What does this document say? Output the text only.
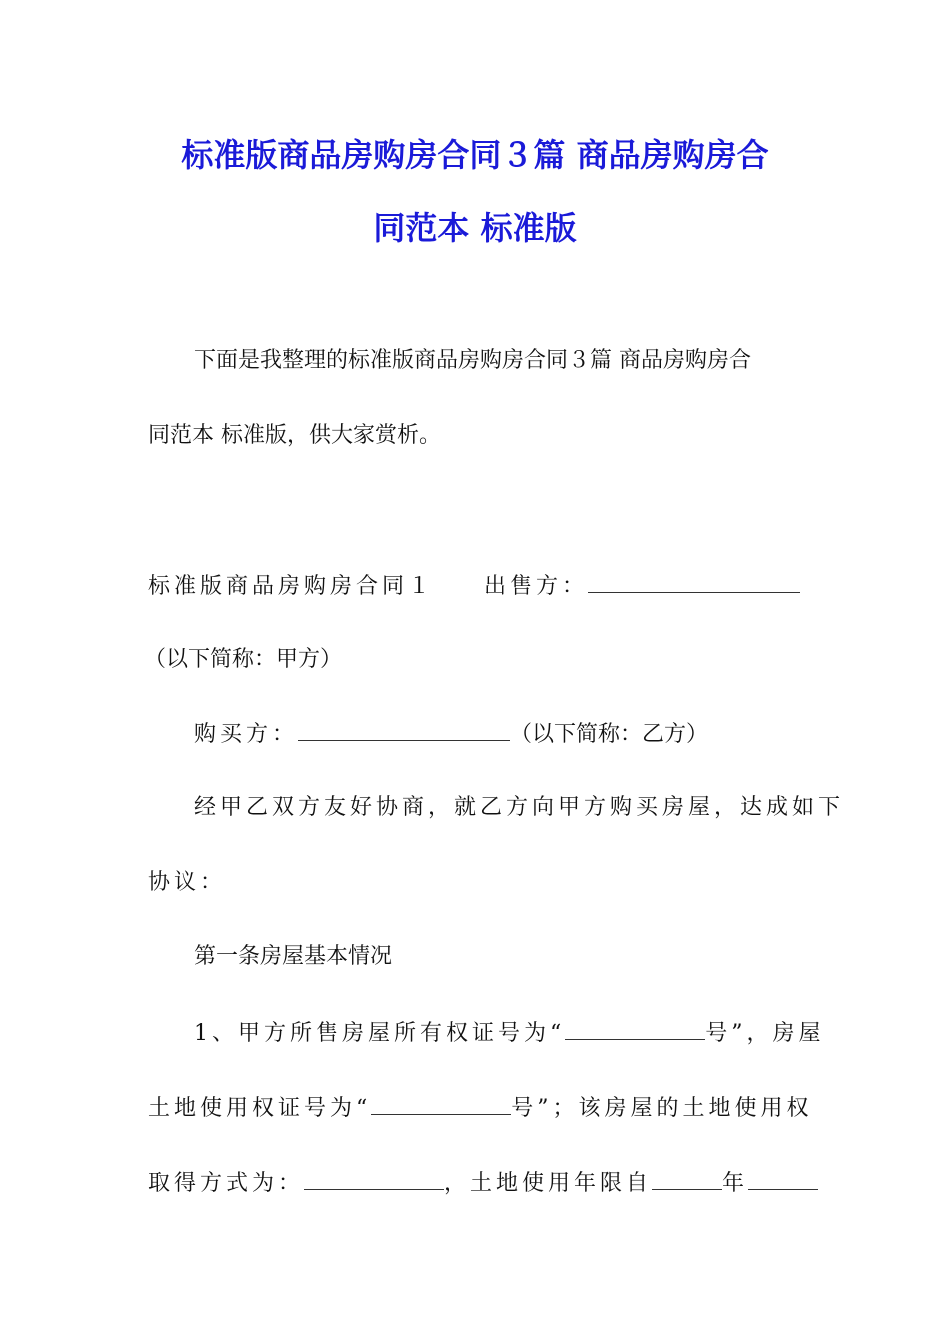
标准版商品房购房合同３篇 商品房购房合
同范本 标准版
下面是我整理的标准版商品房购房合同３篇 商品房购房合
同范本 标准版，供大家赏析。
标准版商品房购房合同１ 出售方：
（以下简称：甲方）
购买方：	（以下简称：乙方）
经甲乙双方友好协商，就乙方向甲方购买房屋，达成如下
协议：
第一条房屋基本情况
1、甲方所售房屋所有权证号为“	号”，房屋
土地使用权证号为“	号”；该房屋的土地使用权
取得方式为：	，土地使用年限自	年
